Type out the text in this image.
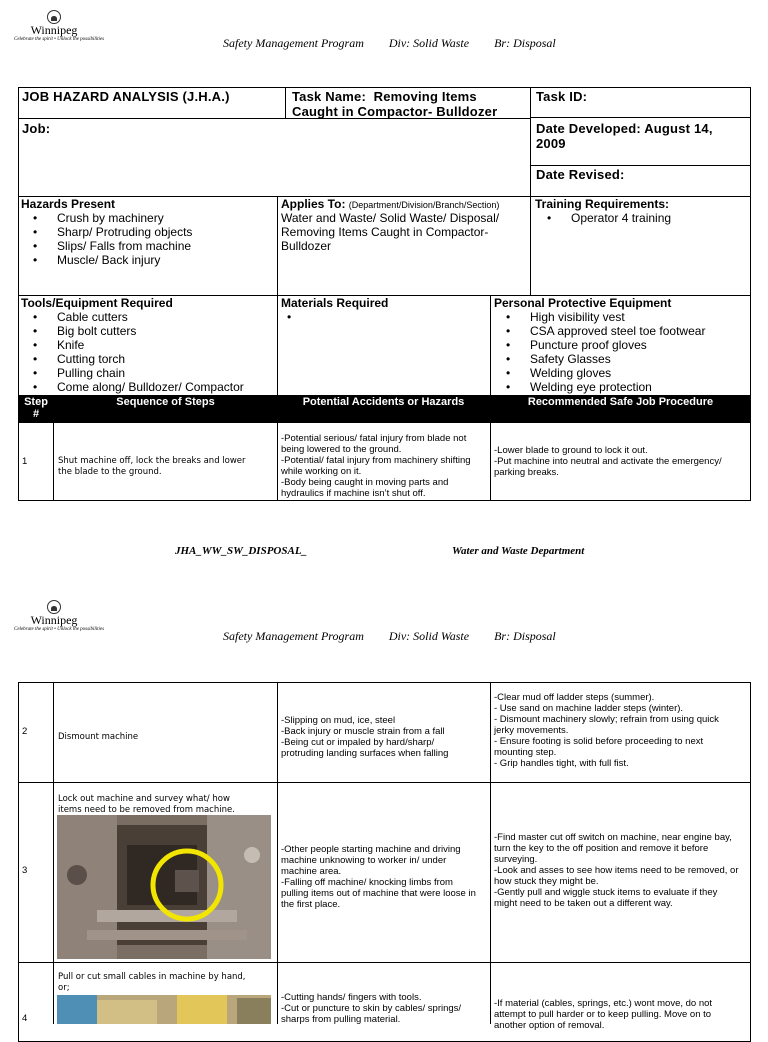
Winnipeg
Celebrate the spirit • Unlock the possibilities	Safety Management Program Div: Solid Waste Br: Disposal
JOB HAZARD ANALYSIS (J.H.A.)	Task Name: Removing Items
Caught in Compactor- Bulldozer
Task ID:
Job:	Date Developed: August 14,
2009
Date Revised:
Hazards Present
• Crush by machinery
• Sharp/ Protruding objects
• Slips/ Falls from machine
• Muscle/ Back injury
Applies To: (Department/Division/Branch/Section)
Water and Waste/ Solid Waste/ Disposal/
Removing Items Caught in Compactor-
Bulldozer
Training Requirements:
• Operator 4 training
Tools/Equipment Required
• Cable cutters
• Big bolt cutters
• Knife
• Cutting torch
• Pulling chain
• Come along/ Bulldozer/ Compactor
Materials Required	Personal Protective Equipment
• High visibility vest
• CSA approved steel toe footwear
• Puncture proof gloves
• Safety Glasses
• Welding gloves
• Welding eye protection
Step
#
Sequence of Steps	Potential Accidents or Hazards	Recommended Safe Job Procedure
1	Shut machine off, lock the breaks and lower
the blade to the ground.
-Potential serious/ fatal injury from blade not
being lowered to the ground.
-Potential/ fatal injury from machinery shifting
while working on it.
-Body being caught in moving parts and
hydraulics if machine isn’t shut off.
-Lower blade to ground to lock it out.
-Put machine into neutral and activate the emergency/
parking breaks.
JHA_WW_SW_DISPOSAL_	Water and Waste Department
Winnipeg
Celebrate the spirit • Unlock the possibilities	Safety Management Program Div: Solid Waste Br: Disposal
2	Dismount machine
-Slipping on mud, ice, steel
-Back injury or muscle strain from a fall
-Being cut or impaled by hard/sharp/
protruding landing surfaces when falling
-Clear mud off ladder steps (summer).
- Use sand on machine ladder steps (winter).
- Dismount machinery slowly; refrain from using quick
jerky movements.
- Ensure footing is solid before proceeding to next
mounting step.
- Grip handles tight, with full fist.
3
Lock out machine and survey what/ how
items need to be removed from machine.
-Other people starting machine and driving
machine unknowing to worker in/ under
machine area.
-Falling off machine/ knocking limbs from
pulling items out of machine that were loose in
the first place.
-Find master cut off switch on machine, near engine bay,
turn the key to the off position and remove it before
surveying.
-Look and asses to see how items need to be removed, or
how stuck they might be.
-Gently pull and wiggle stuck items to evaluate if they
might need to be taken out a different way.
4
Pull or cut small cables in machine by hand,
or;
-Cutting hands/ fingers with tools.
-Cut or puncture to skin by cables/ springs/
sharps from pulling material.
-If material (cables, springs, etc.) wont move, do not
attempt to pull harder or to keep pulling. Move on to
another option of removal.
